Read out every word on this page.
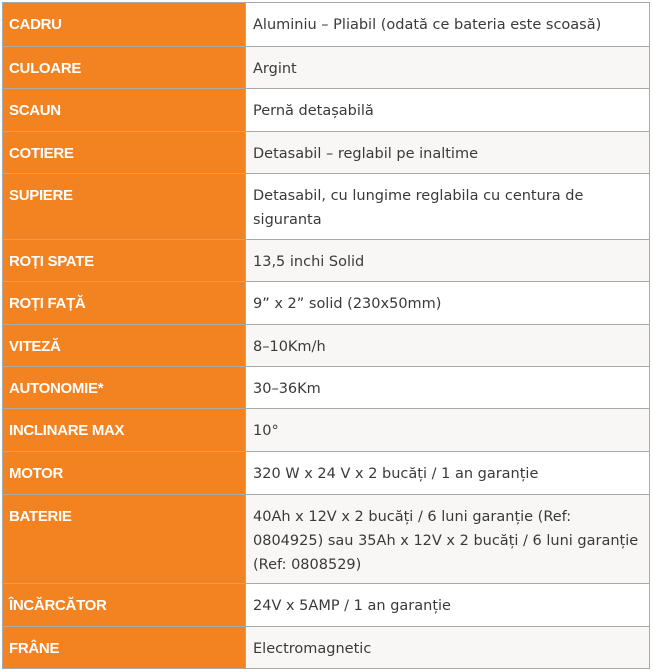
CADRU	Aluminiu – Pliabil (odată ce bateria este scoasă)
CULOARE	Argint
SCAUN	Pernă detașabilă
COTIERE	Detasabil – reglabil pe inaltime
SUPIERE	Detasabil, cu lungime reglabila cu centura de siguranta
ROȚI SPATE	13,5 inchi Solid
ROȚI FAȚĂ	9” x 2” solid (230x50mm)
VITEZĂ	8–10Km/h
AUTONOMIE*	30–36Km
INCLINARE MAX	10°
MOTOR	320 W x 24 V x 2 bucăți / 1 an garanție
BATERIE	40Ah x 12V x 2 bucăți / 6 luni garanție (Ref: 0804925) sau 35Ah x 12V x 2 bucăți / 6 luni garanție (Ref: 0808529)
ÎNCĂRCĂTOR	24V x 5AMP / 1 an garanție
FRÂNE	Electromagnetic
